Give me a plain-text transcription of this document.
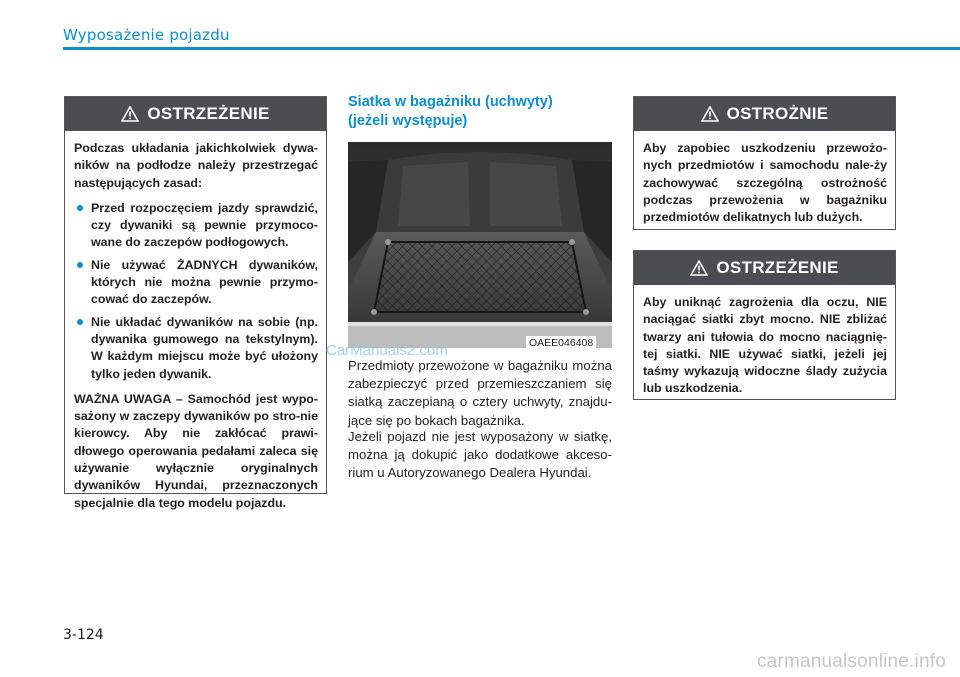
Wyposażenie pojazdu
OSTRZEŻENIE

Podczas układania jakichkolwiek dywa-ników na podłodze należy przestrzegać następujących zasad:

Przed rozpoczęciem jazdy sprawdzić, czy dywaniki są pewnie przymoco-wane do zaczepów podłogowych.
Nie używać ŻADNYCH dywaników, których nie można pewnie przymo-cować do zaczepów.
Nie układać dywaników na sobie (np. dywanika gumowego na tekstylnym). W każdym miejscu może być ułożony tylko jeden dywanik.

WAŻNA UWAGA – Samochód jest wypo-sażony w zaczepy dywaników po stro-nie kierowcy. Aby nie zakłócać prawi-dłowego operowania pedałami zaleca się używanie wyłącznie oryginalnych dywaników Hyundai, przeznaczonych specjalnie dla tego modelu pojazdu.

Siatka w bagażniku (uchwyty)
(jeżeli występuje)
OAEE046408
CarManuals2.com

Przedmioty przewożone w bagażniku można zabezpieczyć przed przemieszczaniem się siatką zaczepianą o cztery uchwyty, znajdu-jące się po bokach bagażnika.

Jeżeli pojazd nie jest wyposażony w siatkę, można ją dokupić jako dodatkowe akceso-rium u Autoryzowanego Dealera Hyundai.

OSTROŻNIE

Aby zapobiec uszkodzeniu przewożo-nych przedmiotów i samochodu nale-ży zachowywać szczególną ostrożność podczas przewożenia w bagażniku przedmiotów delikatnych lub dużych.

OSTRZEŻENIE

Aby uniknąć zagrożenia dla oczu, NIE naciągać siatki zbyt mocno. NIE zbliżać twarzy ani tułowia do mocno naciągnię-tej siatki. NIE używać siatki, jeżeli jej taśmy wykazują widoczne ślady zużycia lub uszkodzenia.

3-124
carmanualsonline.info
